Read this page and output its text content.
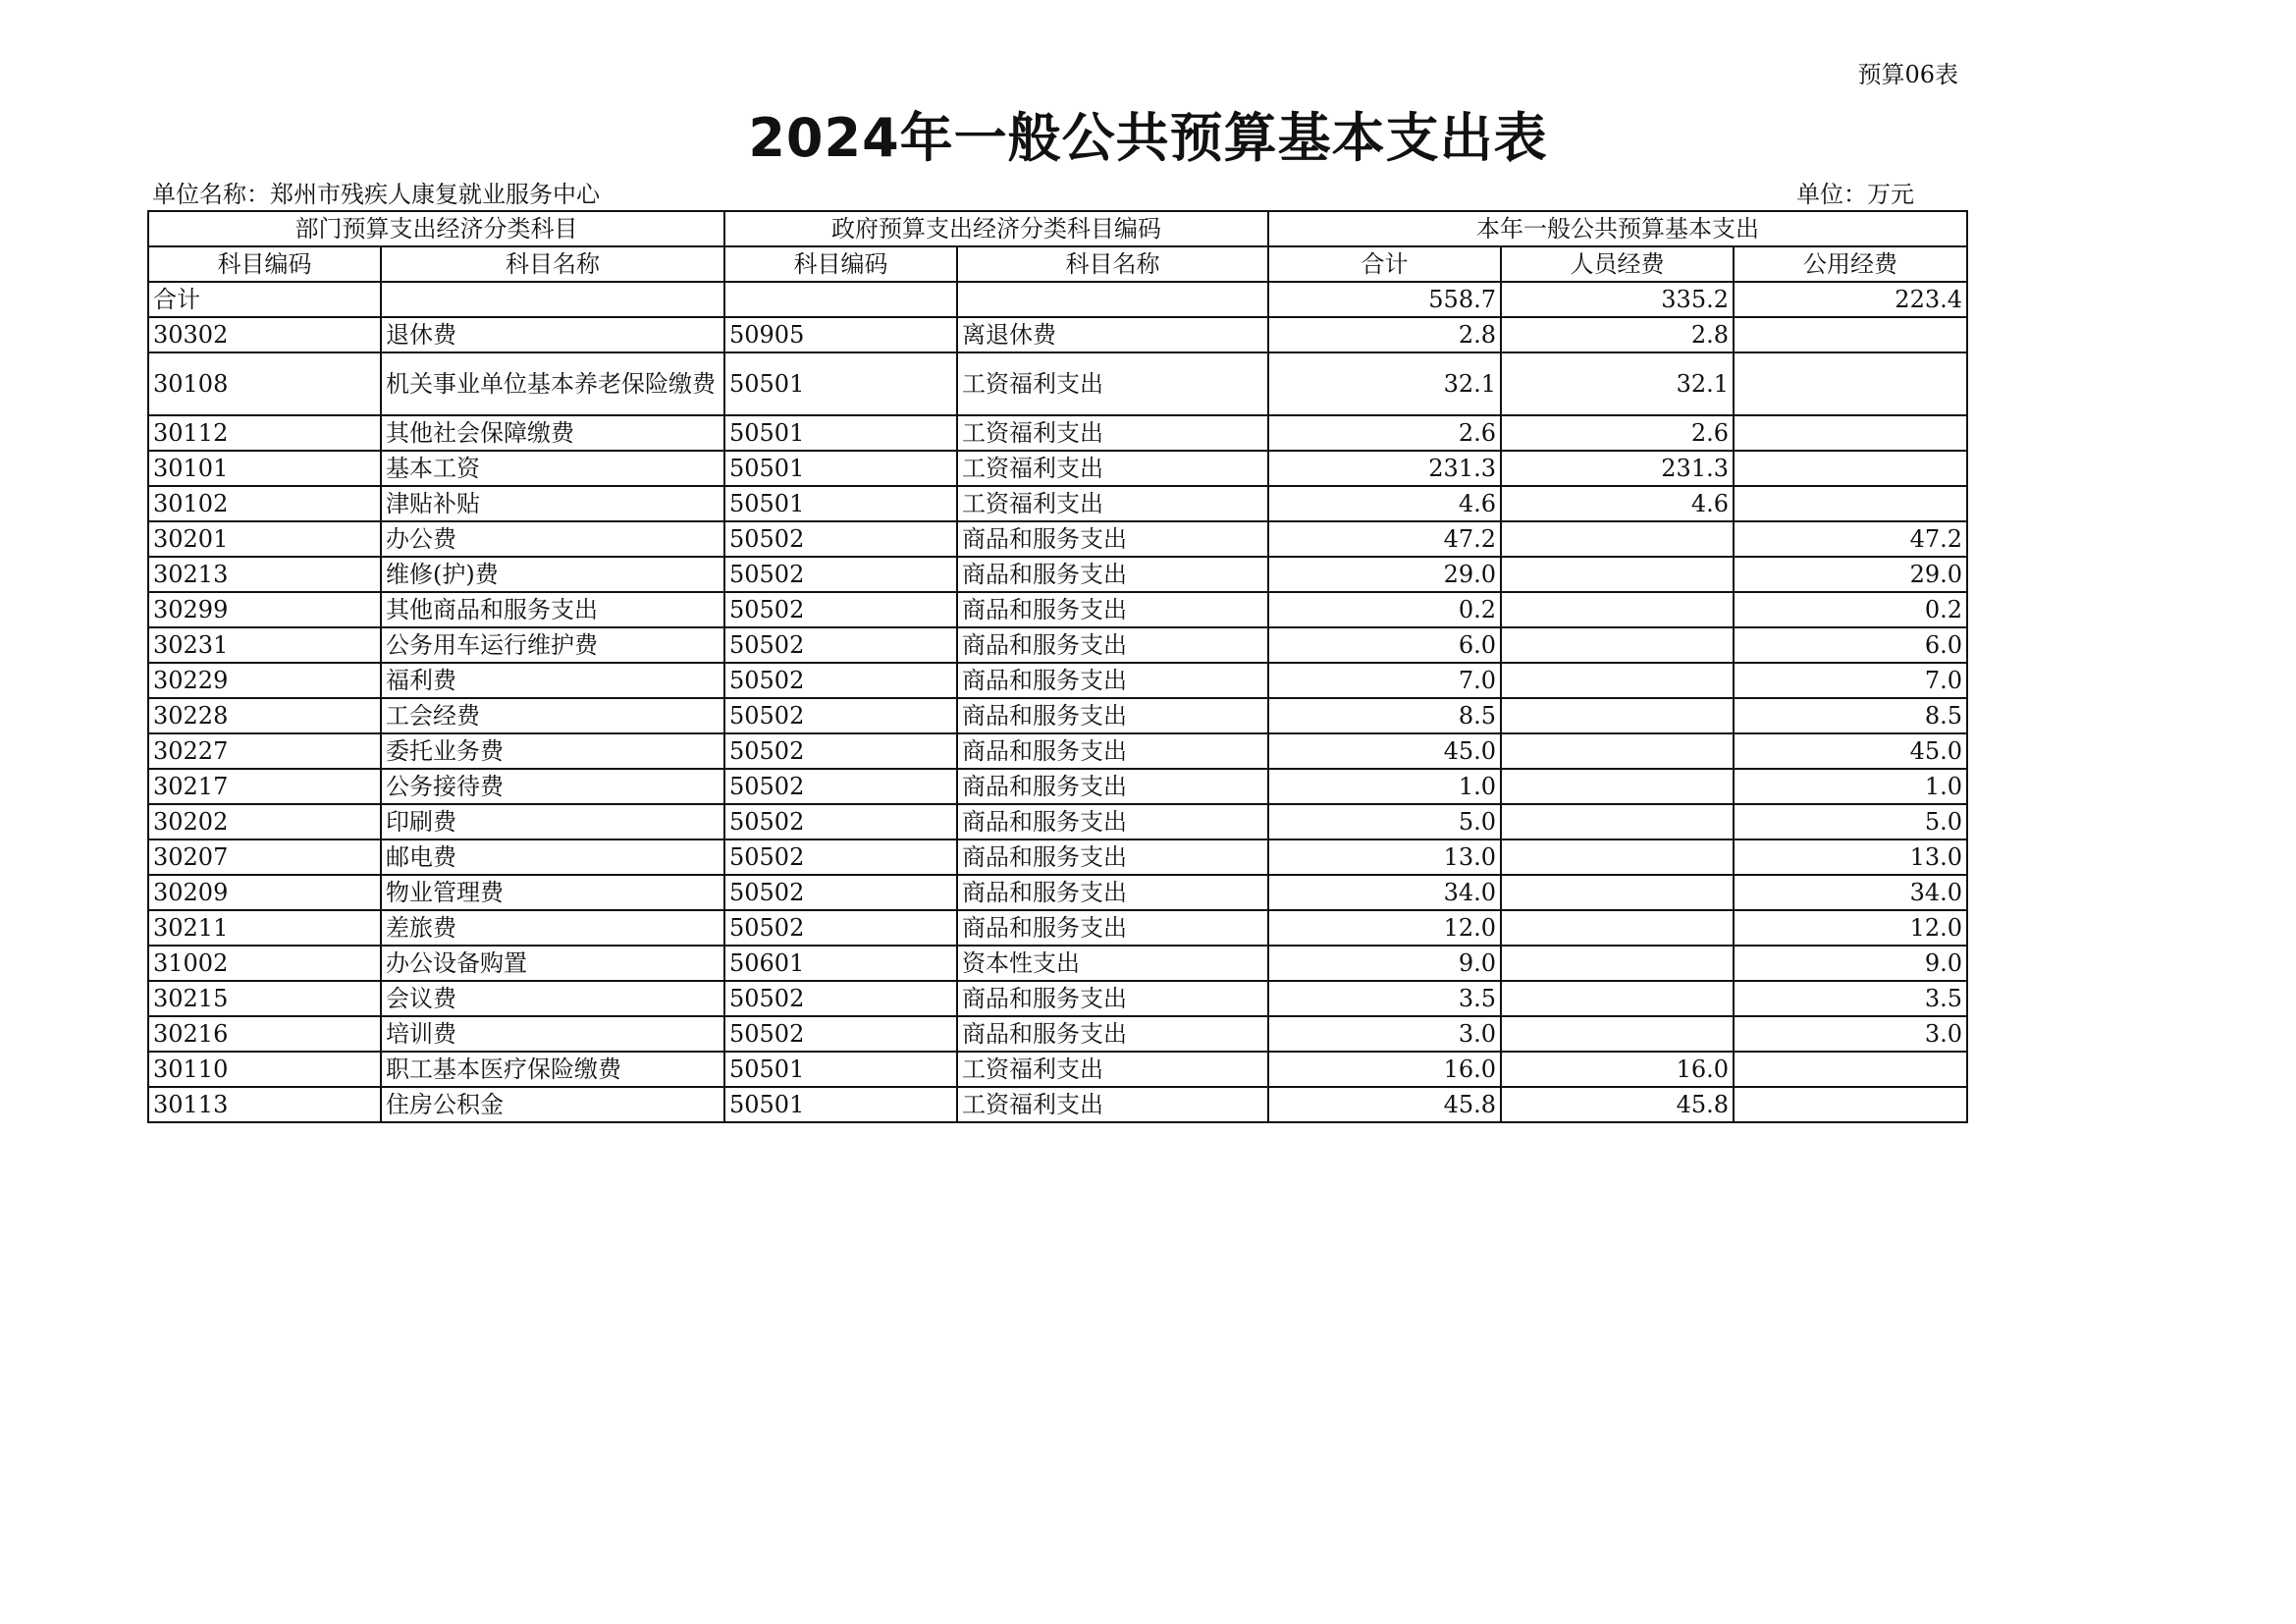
预算06表
2024年一般公共预算基本支出表
单位名称：郑州市残疾人康复就业服务中心	单位：万元
部门预算支出经济分类科目		政府预算支出经济分类科目编码		本年一般公共预算基本支出		
科目编码	科目名称	科目编码	科目名称	合计	人员经费	公用经费
合计				558.7	335.2	223.4
30302	退休费	50905	离退休费	2.8	2.8	
30108	机关事业单位基本养老保险缴费	50501	工资福利支出	32.1	32.1	
30112	其他社会保障缴费	50501	工资福利支出	2.6	2.6	
30101	基本工资	50501	工资福利支出	231.3	231.3	
30102	津贴补贴	50501	工资福利支出	4.6	4.6	
30201	办公费	50502	商品和服务支出	47.2		47.2
30213	维修(护)费	50502	商品和服务支出	29.0		29.0
30299	其他商品和服务支出	50502	商品和服务支出	0.2		0.2
30231	公务用车运行维护费	50502	商品和服务支出	6.0		6.0
30229	福利费	50502	商品和服务支出	7.0		7.0
30228	工会经费	50502	商品和服务支出	8.5		8.5
30227	委托业务费	50502	商品和服务支出	45.0		45.0
30217	公务接待费	50502	商品和服务支出	1.0		1.0
30202	印刷费	50502	商品和服务支出	5.0		5.0
30207	邮电费	50502	商品和服务支出	13.0		13.0
30209	物业管理费	50502	商品和服务支出	34.0		34.0
30211	差旅费	50502	商品和服务支出	12.0		12.0
31002	办公设备购置	50601	资本性支出	9.0		9.0
30215	会议费	50502	商品和服务支出	3.5		3.5
30216	培训费	50502	商品和服务支出	3.0		3.0
30110	职工基本医疗保险缴费	50501	工资福利支出	16.0	16.0	
30113	住房公积金	50501	工资福利支出	45.8	45.8	
